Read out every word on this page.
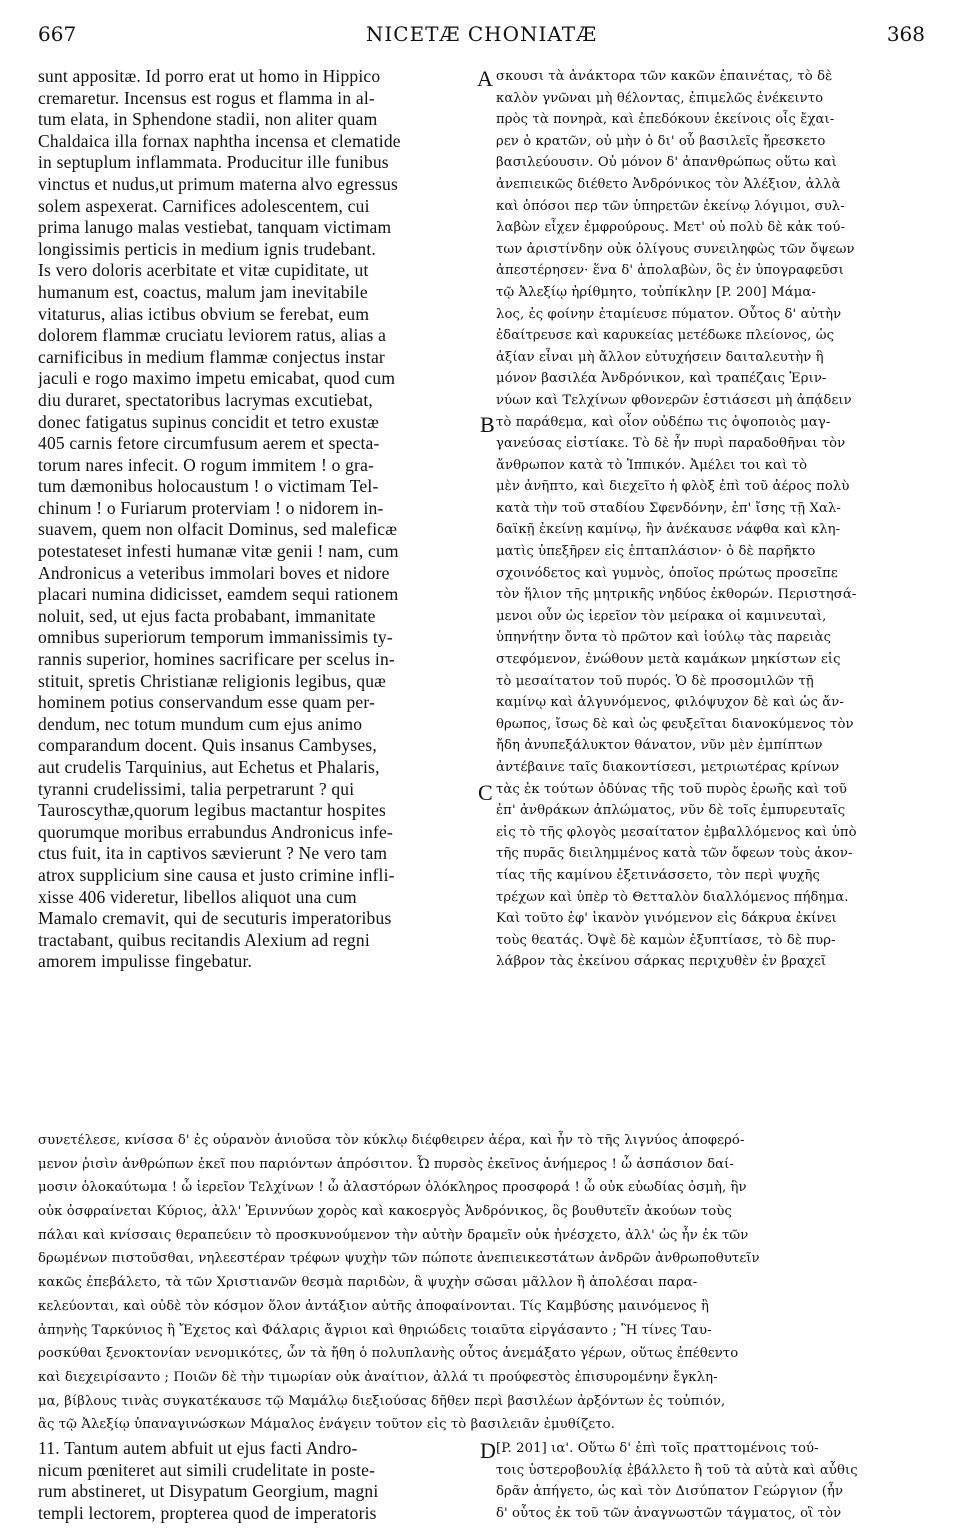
667	NICETÆ CHONIATÆ	368

sunt appositæ. Id porro erat ut homo in Hippico

cremaretur. Incensus est rogus et flamma in al-

tum elata, in Sphendone stadii, non aliter quam

Chaldaica illa fornax naphtha incensa et clematide

in septuplum inflammata. Producitur ille funibus

vinctus et nudus,ut primum materna alvo egressus

solem aspexerat. Carnifices adolescentem, cui

prima lanugo malas vestiebat, tanquam victimam

longissimis perticis in medium ignis trudebant.

Is vero doloris acerbitate et vitæ cupiditate, ut

humanum est, coactus, malum jam inevitabile

vitaturus, alias ictibus obvium se ferebat, eum

dolorem flammæ cruciatu leviorem ratus, alias a

carnificibus in medium flammæ conjectus instar

jaculi e rogo maximo impetu emicabat, quod cum

diu duraret, spectatoribus lacrymas excutiebat,

donec fatigatus supinus concidit et tetro exustæ

405 carnis fetore circumfusum aerem et specta-

torum nares infecit. O rogum immitem ! o gra-

tum dæmonibus holocaustum ! o victimam Tel-

chinum ! o Furiarum proterviam ! o nidorem in-

suavem, quem non olfacit Dominus, sed maleficæ

potestateset infesti humanæ vitæ genii ! nam, cum

Andronicus a veteribus immolari boves et nidore

placari numina didicisset, eamdem sequi rationem

noluit, sed, ut ejus facta probabant, immanitate

omnibus superiorum temporum immanissimis ty-

rannis superior, homines sacrificare per scelus in-

stituit, spretis Christianæ religionis legibus, quæ

hominem potius conservandum esse quam per-

dendum, nec totum mundum cum ejus animo

comparandum docent. Quis insanus Cambyses,

aut crudelis Tarquinius, aut Echetus et Phalaris,

tyranni crudelissimi, talia perpetrarunt ? qui

Tauroscythæ,quorum legibus mactantur hospites

quorumque moribus errabundus Andronicus infe-

ctus fuit, ita in captivos sævierunt ? Ne vero tam

atrox supplicium sine causa et justo crimine infli-

xisse 406 videretur, libellos aliquot una cum

Mamalo cremavit, qui de secuturis imperatoribus

tractabant, quibus recitandis Alexium ad regni

amorem impulisse fingebatur.

σκουσι τὰ ἀνάκτορα τῶν κακῶν ἐπαινέτας, τὸ δὲ

καλὸν γνῶναι μὴ θέλοντας, ἐπιμελῶς ἐνέκειντο

πρὸς τὰ πονηρὰ, καὶ ἐπεδόκουν ἐκείνοις οἷς ἔχαι-

ρεν ὁ κρατῶν, οὐ μὴν ὁ δι' οὗ βασιλεῖς ἤρεσκετο

βασιλεύουσιν. Οὐ μόνον δ' ἀπανθρώπως οὕτω καὶ

ἀνεπιεικῶς διέθετο Ἀνδρόνικος τὸν Ἀλέξιον, ἀλλὰ

καὶ ὁπόσοι περ τῶν ὑπηρετῶν ἐκείνῳ λόγιμοι, συλ-

λαβὼν εἶχεν ἐμφρούρους. Μετ' οὐ πολὺ δὲ κἀκ τού-

των ἀριστίνδην οὐκ ὀλίγους συνειληφὼς τῶν ὄψεων

ἀπεστέρησεν· ἕνα δ' ἀπολαβὼν, ὃς ἐν ὑπογραφεῦσι

τῷ Ἀλεξίῳ ἠρίθμητο, τοὐπίκλην [P. 200] Μάμα-

λος, ἐς φοίνην ἐταμίευσε πύματον. Οὗτος δ' αὐτὴν

ἐδαίτρευσε καὶ καρυκείας μετέδωκε πλείονος, ὡς

ἀξίαν εἶναι μὴ ἄλλον εὐτυχήσειν δαιταλευτὴν ἢ

μόνον βασιλέα Ἀνδρόνικον, καὶ τραπέζαις Ἐριν-

νύων καὶ Τελχίνων φθονερῶν ἑστιάσεσι μὴ ἀπᾴδειν

τὸ παράθεμα, καὶ οἷον οὐδέπω τις ὀψοποιὸς μαγ-

γανεύσας εἰστίακε. Τὸ δὲ ἦν πυρὶ παραδοθῆναι τὸν

ἄνθρωπον κατὰ τὸ Ἱππικόν. Ἀμέλει τοι καὶ τὸ

μὲν ἀνῆπτο, καὶ διεχεῖτο ἡ φλὸξ ἐπὶ τοῦ ἀέρος πολὺ

κατὰ τὴν τοῦ σταδίου Σφενδόνην, ἐπ' ἴσης τῇ Χαλ-

δαϊκῇ ἐκείνῃ καμίνῳ, ἣν ἀνέκαυσε νάφθα καὶ κλη-

ματὶς ὑπεξῆρεν εἰς ἑπταπλάσιον· ὁ δὲ παρῆκτο

σχοινόδετος καὶ γυμνὸς, ὁποῖος πρώτως προσεῖπε

τὸν ἥλιον τῆς μητρικῆς νηδύος ἐκθορών. Περιστησά-

μενοι οὖν ὡς ἱερεῖον τὸν μείρακα οἱ καμινευταὶ,

ὑπηνήτην ὄντα τὸ πρῶτον καὶ ἰούλῳ τὰς παρειὰς

στεφόμενον, ἐνώθουν μετὰ καμάκων μηκίστων εἰς

τὸ μεσαίτατον τοῦ πυρός. Ὁ δὲ προσομιλῶν τῇ

καμίνῳ καὶ ἀλγυνόμενος, φιλόψυχον δὲ καὶ ὡς ἄν-

θρωπος, ἴσως δὲ καὶ ὡς φευξεῖται διανοκύμενος τὸν

ἤδη ἀνυπεξάλυκτον θάνατον, νῦν μὲν ἐμπίπτων

ἀντέβαινε ταῖς διακοντίσεσι, μετριωτέρας κρίνων

τὰς ἐκ τούτων ὀδύνας τῆς τοῦ πυρὸς ἐρωῆς καὶ τοῦ

ἐπ' ἀνθράκων ἀπλώματος, νῦν δὲ τοῖς ἐμπυρευταῖς

εἰς τὸ τῆς φλογὸς μεσαίτατον ἐμβαλλόμενος καὶ ὑπὸ

τῆς πυρᾶς διειλημμένος κατὰ τῶν ὄφεων τοὺς ἀκον-

τίας τῆς καμίνου ἐξετινάσσετο, τὸν περὶ ψυχῆς

τρέχων καὶ ὑπὲρ τὸ Θετταλὸν διαλλόμενος πήδημα.

Καὶ τοῦτο ἐφ' ἱκανὸν γινόμενον εἰς δάκρυα ἐκίνει

τοὺς θεατάς. Ὀψὲ δὲ καμὼν ἐξυπτίασε, τὸ δὲ πυρ-

λάβρον τὰς ἐκείνου σάρκας περιχυθὲν ἐν βραχεῖ

A
B
C

συνετέλεσε, κνίσσα δ' ἐς οὐρανὸν ἀνιοῦσα τὸν κύκλῳ διέφθειρεν ἀέρα, καὶ ἦν τὸ τῆς λιγνύος ἀποφερό-

μενον ῥισὶν ἀνθρώπων ἐκεῖ που παριόντων ἀπρόσιτον. Ὦ πυρσὸς ἐκεῖνος ἀνήμερος ! ὦ ἀσπάσιον δαί-

μοσιν ὁλοκαύτωμα ! ὦ ἱερεῖον Τελχίνων ! ὦ ἀλαστόρων ὁλόκληρος προσφορά ! ὦ οὐκ εὐωδίας ὀσμὴ, ἣν

οὐκ ὀσφραίνεται Κύριος, ἀλλ' Ἐριννύων χορὸς καὶ κακοεργὸς Ἀνδρόνικος, ὃς βουθυτεῖν ἀκούων τοὺς

πάλαι καὶ κνίσσαις θεραπεύειν τὸ προσκυνούμενον τὴν αὐτὴν δραμεῖν οὐκ ἠνέσχετο, ἀλλ' ὡς ἦν ἐκ τῶν

δρωμένων πιστοῦσθαι, νηλεεστέραν τρέφων ψυχὴν τῶν πώποτε ἀνεπιεικεστάτων ἀνδρῶν ἀνθρωποθυτεῖν

κακῶς ἐπεβάλετο, τὰ τῶν Χριστιανῶν θεσμὰ παριδὼν, ἃ ψυχὴν σῶσαι μᾶλλον ἢ ἀπολέσαι παρα-

κελεύονται, καὶ οὐδὲ τὸν κόσμον ὅλον ἀντάξιον αὐτῆς ἀποφαίνονται. Τίς Καμβύσης μαινόμενος ἢ

ἀπηνὴς Ταρκύνιος ἢ Ἔχετος καὶ Φάλαρις ἄγριοι καὶ θηριώδεις τοιαῦτα εἰργάσαντο ; Ἢ τίνες Ταυ-

ροσκύθαι ξενοκτονίαν νενομικότες, ὧν τὰ ἤθη ὁ πολυπλανὴς οὗτος ἀνεμάξατο γέρων, οὕτως ἐπέθεντο

καὶ διεχειρίσαντο ; Ποιῶν δὲ τὴν τιμωρίαν οὐκ ἀναίτιον, ἀλλά τι προύφεστὸς ἐπισυρομένην ἔγκλη-

μα, βίβλους τινὰς συγκατέκαυσε τῷ Μαμάλῳ διεξιούσας δῆθεν περὶ βασιλέων ἀρξόντων ἐς τοὐπιόν,

ἃς τῷ Ἀλεξίῳ ὑπαναγινώσκων Μάμαλος ἐνάγειν τοῦτον εἰς τὸ βασιλειᾶν ἐμυθίζετο.

11. Tantum autem abfuit ut ejus facti Andro-

nicum pœniteret aut simili crudelitate in poste-

rum abstineret, ut Disypatum Georgium, magni

templi lectorem, propterea quod de imperatoris

[P. 201] ια'. Οὕτω δ' ἐπὶ τοῖς πραττομένοις τού-

τοις ὑστεροβουλίᾳ ἐβάλλετο ἢ τοῦ τὰ αὐτὰ καὶ αὖθις

δρᾶν ἀπήγετο, ὡς καὶ τὸν Δισύπατον Γεώργιον (ἦν

δ' οὗτος ἐκ τοῦ τῶν ἀναγνωστῶν τάγματος, οἳ τὸν

D
